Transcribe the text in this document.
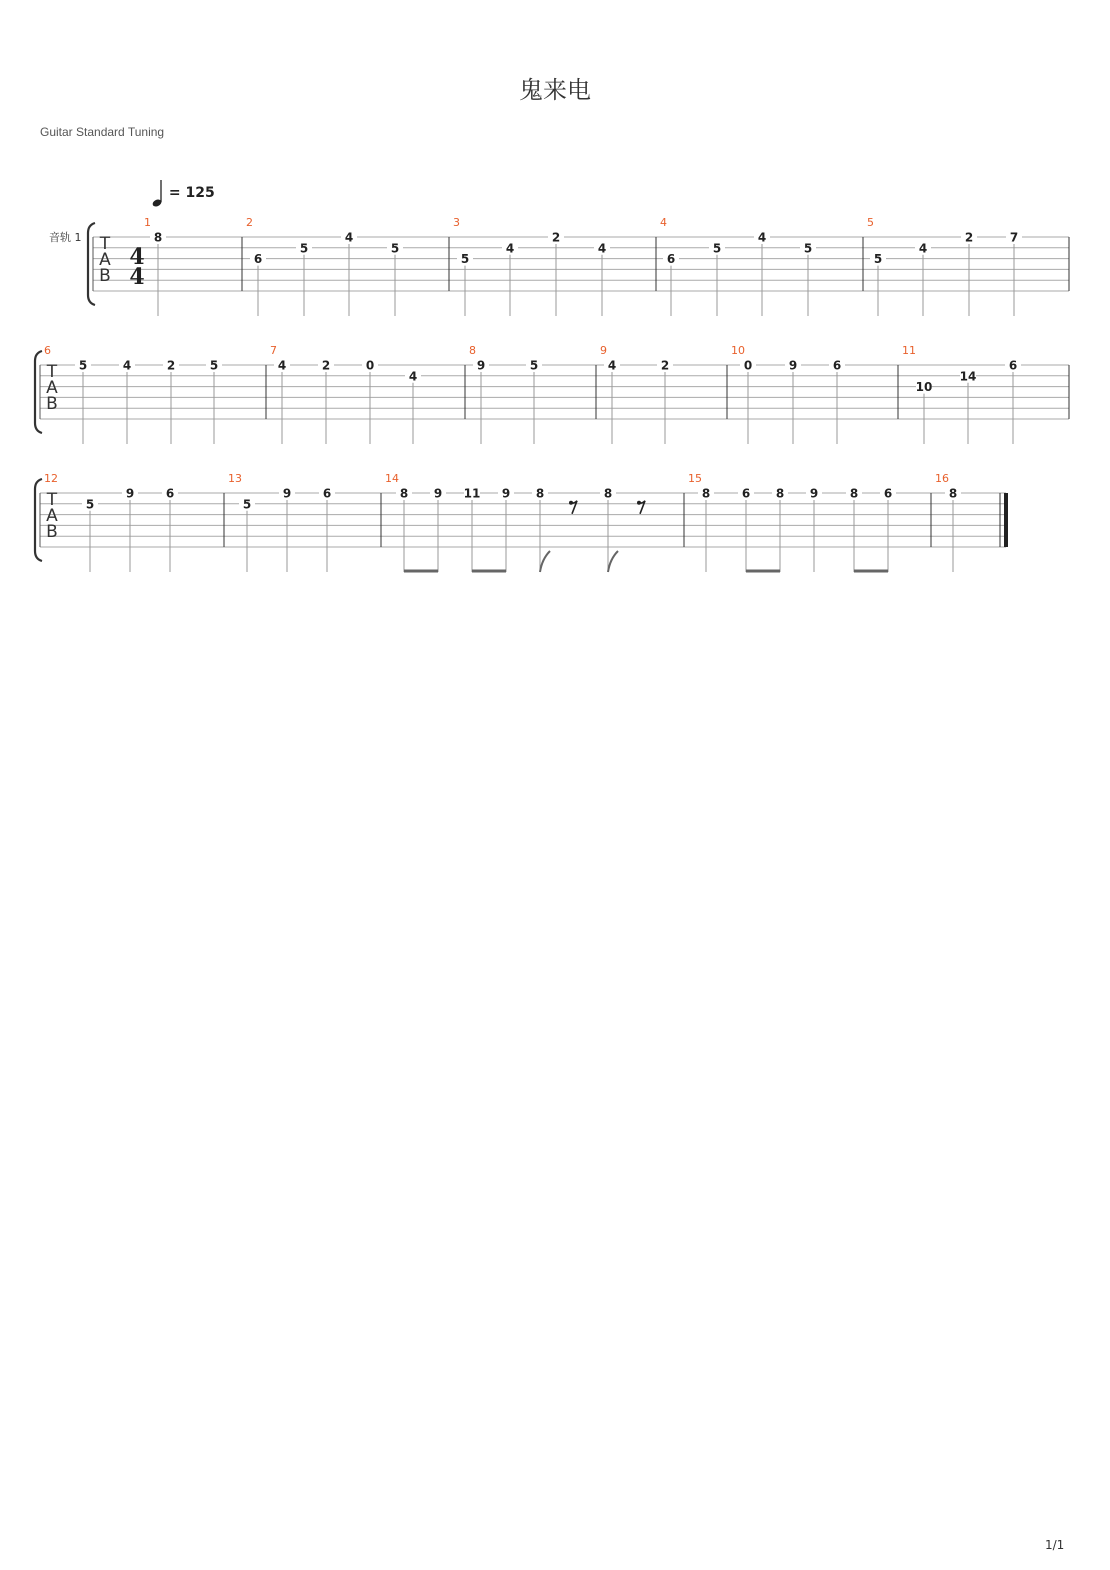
鬼来电
Guitar Standard Tuning
= 125
音轨 1
1/1
T
A
B
4
4
1
8
2
6
5
4
5
3
5
4
2
4
4
6
5
4
5
5
5
4
2	7
T
A
B
6
5	4	2	5
7
4	2	0
4
8
9	5
9
4	2
10
0	9	6
11
10
14
6
T
A
B
12
5
9	6
13
5
9	6
14
8 9 11 9 8	8
15
8	6 8 9	8 6
16
8
